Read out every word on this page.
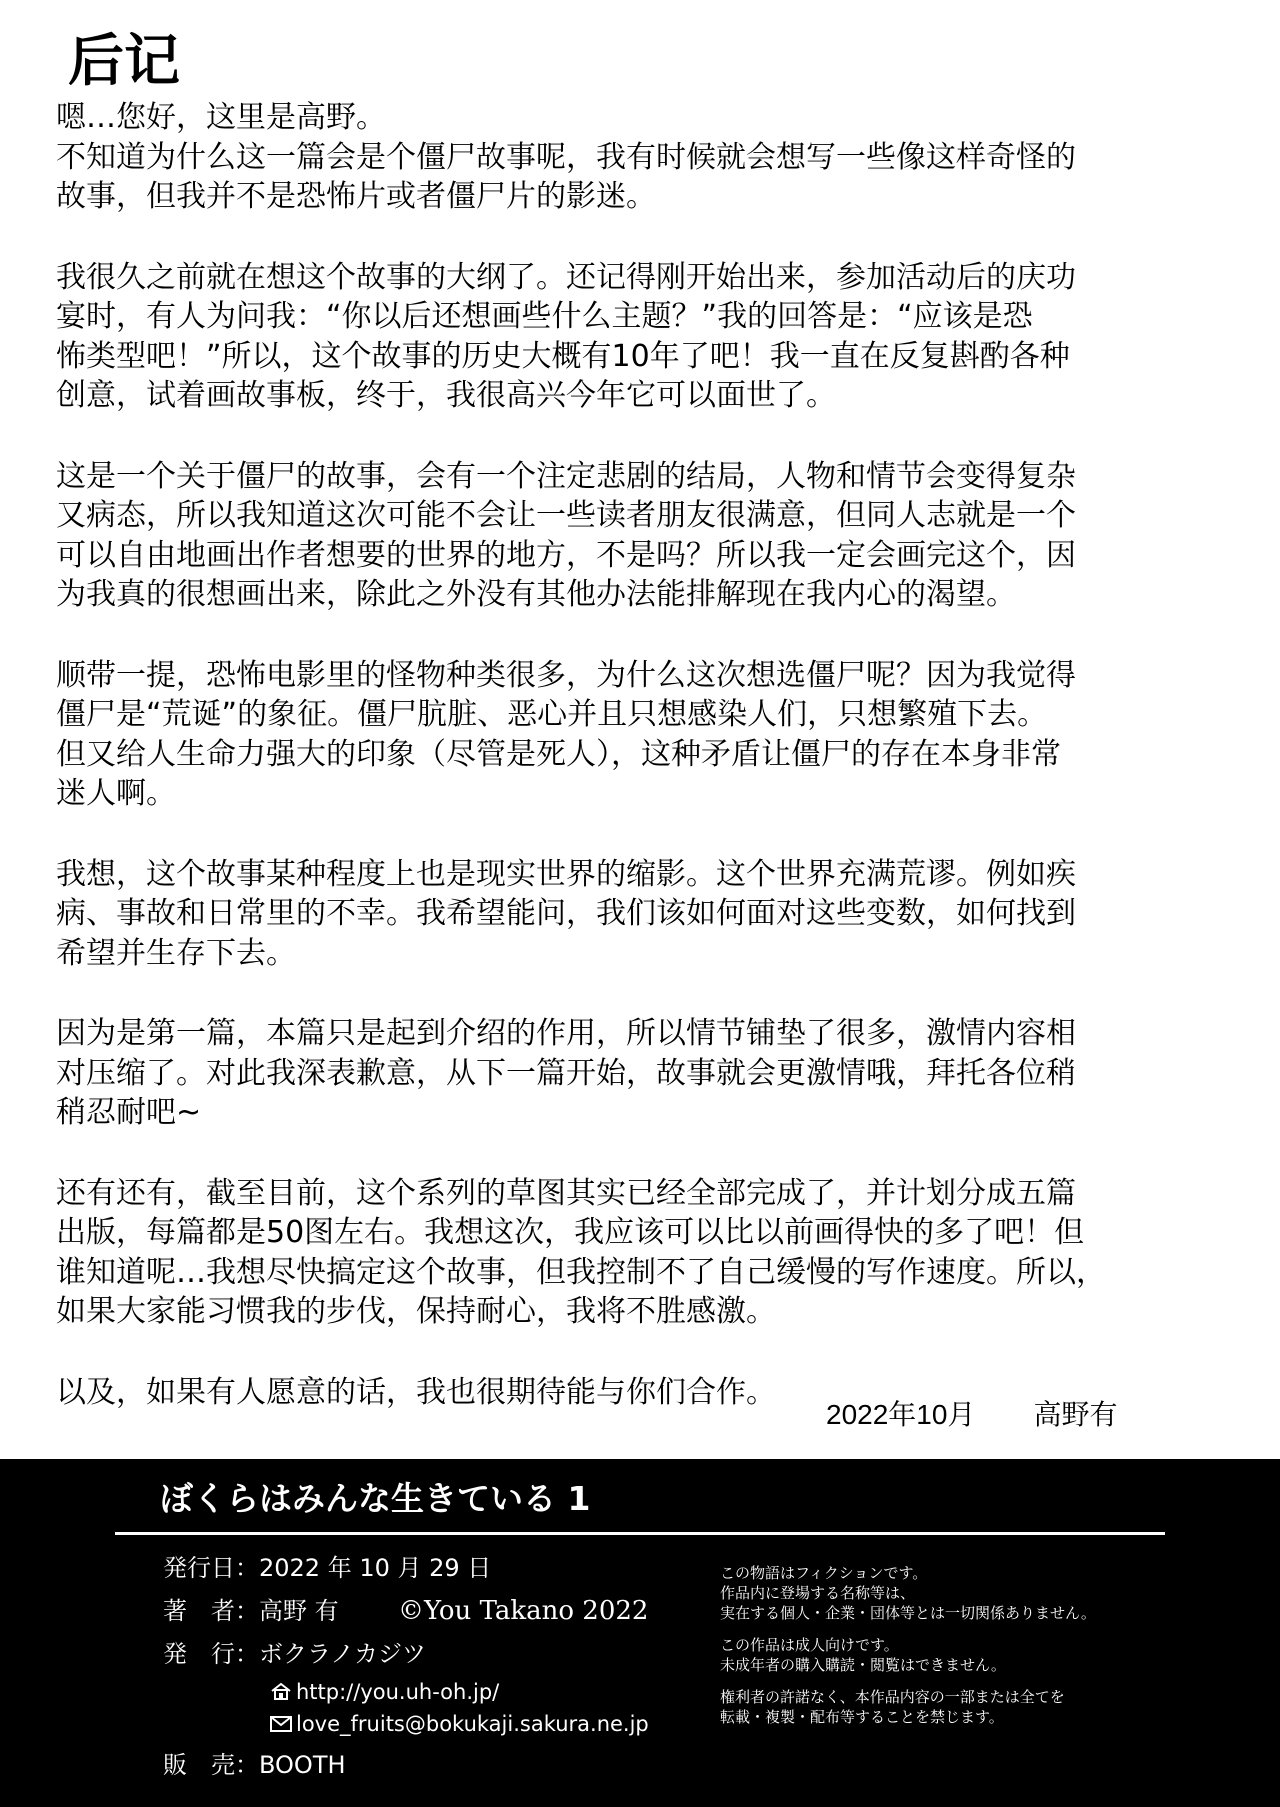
后记

嗯…您好，这里是高野。
不知道为什么这一篇会是个僵尸故事呢，我有时候就会想写一些像这样奇怪的
故事，但我并不是恐怖片或者僵尸片的影迷。

我很久之前就在想这个故事的大纲了。还记得刚开始出来，参加活动后的庆功
宴时，有人为问我：“你以后还想画些什么主题？”我的回答是：“应该是恐
怖类型吧！”所以，这个故事的历史大概有10年了吧！我一直在反复斟酌各种
创意，试着画故事板，终于，我很高兴今年它可以面世了。

这是一个关于僵尸的故事，会有一个注定悲剧的结局，人物和情节会变得复杂
又病态，所以我知道这次可能不会让一些读者朋友很满意，但同人志就是一个
可以自由地画出作者想要的世界的地方，不是吗？所以我一定会画完这个，因
为我真的很想画出来，除此之外没有其他办法能排解现在我内心的渴望。

顺带一提，恐怖电影里的怪物种类很多，为什么这次想选僵尸呢？因为我觉得
僵尸是“荒诞”的象征。僵尸肮脏、恶心并且只想感染人们，只想繁殖下去。
但又给人生命力强大的印象（尽管是死人），这种矛盾让僵尸的存在本身非常
迷人啊。

我想，这个故事某种程度上也是现实世界的缩影。这个世界充满荒谬。例如疾
病、事故和日常里的不幸。我希望能问，我们该如何面对这些变数，如何找到
希望并生存下去。

因为是第一篇，本篇只是起到介绍的作用，所以情节铺垫了很多，激情内容相
对压缩了。对此我深表歉意，从下一篇开始，故事就会更激情哦，拜托各位稍
稍忍耐吧~

还有还有，截至目前，这个系列的草图其实已经全部完成了，并计划分成五篇
出版，每篇都是50图左右。我想这次，我应该可以比以前画得快的多了吧！但
谁知道呢…我想尽快搞定这个故事，但我控制不了自己缓慢的写作速度。所以，
如果大家能习惯我的步伐，保持耐心，我将不胜感激。

以及，如果有人愿意的话，我也很期待能与你们合作。

2022年10月 高野有
ぼくらはみんな生きている 1
発行日：2022 年 10 月 29 日
著　者：高野 有 ©You Takano 2022
発　行：ボクラノカジツ
http://you.uh-oh.jp/
love_fruits@bokukaji.sakura.ne.jp
販　売：BOOTH
この物語はフィクションです。
作品内に登場する名称等は、
実在する個人・企業・団体等とは一切関係ありません。
この作品は成人向けです。
未成年者の購入購読・閲覧はできません。
権利者の許諾なく、本作品内容の一部または全てを
転載・複製・配布等することを禁じます。
0
5
0
